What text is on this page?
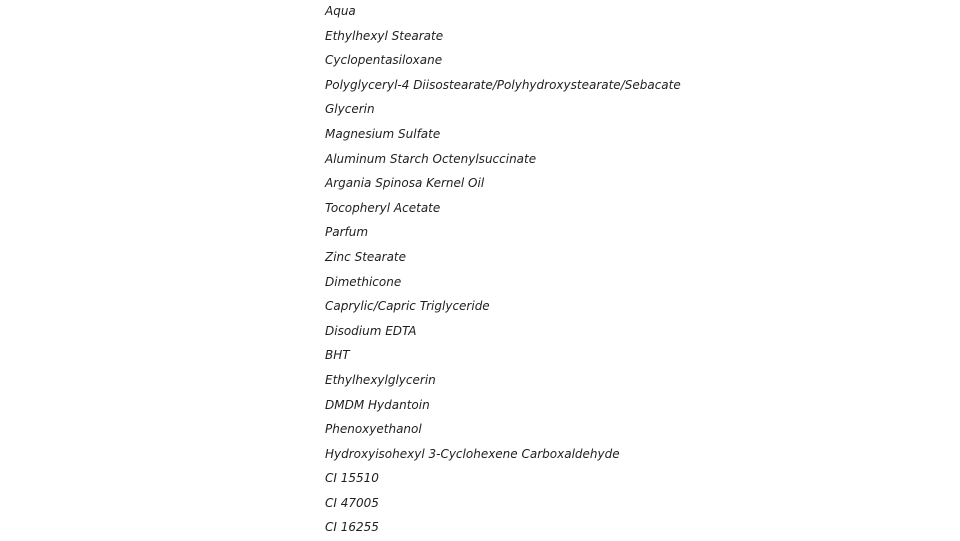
Aqua
Ethylhexyl Stearate
Cyclopentasiloxane
Polyglyceryl-4 Diisostearate/Polyhydroxystearate/Sebacate
Glycerin
Magnesium Sulfate
Aluminum Starch Octenylsuccinate
Argania Spinosa Kernel Oil
Tocopheryl Acetate
Parfum
Zinc Stearate
Dimethicone
Caprylic/Capric Triglyceride
Disodium EDTA
BHT
Ethylhexylglycerin
DMDM Hydantoin
Phenoxyethanol
Hydroxyisohexyl 3-Cyclohexene Carboxaldehyde
CI 15510
CI 47005
CI 16255
